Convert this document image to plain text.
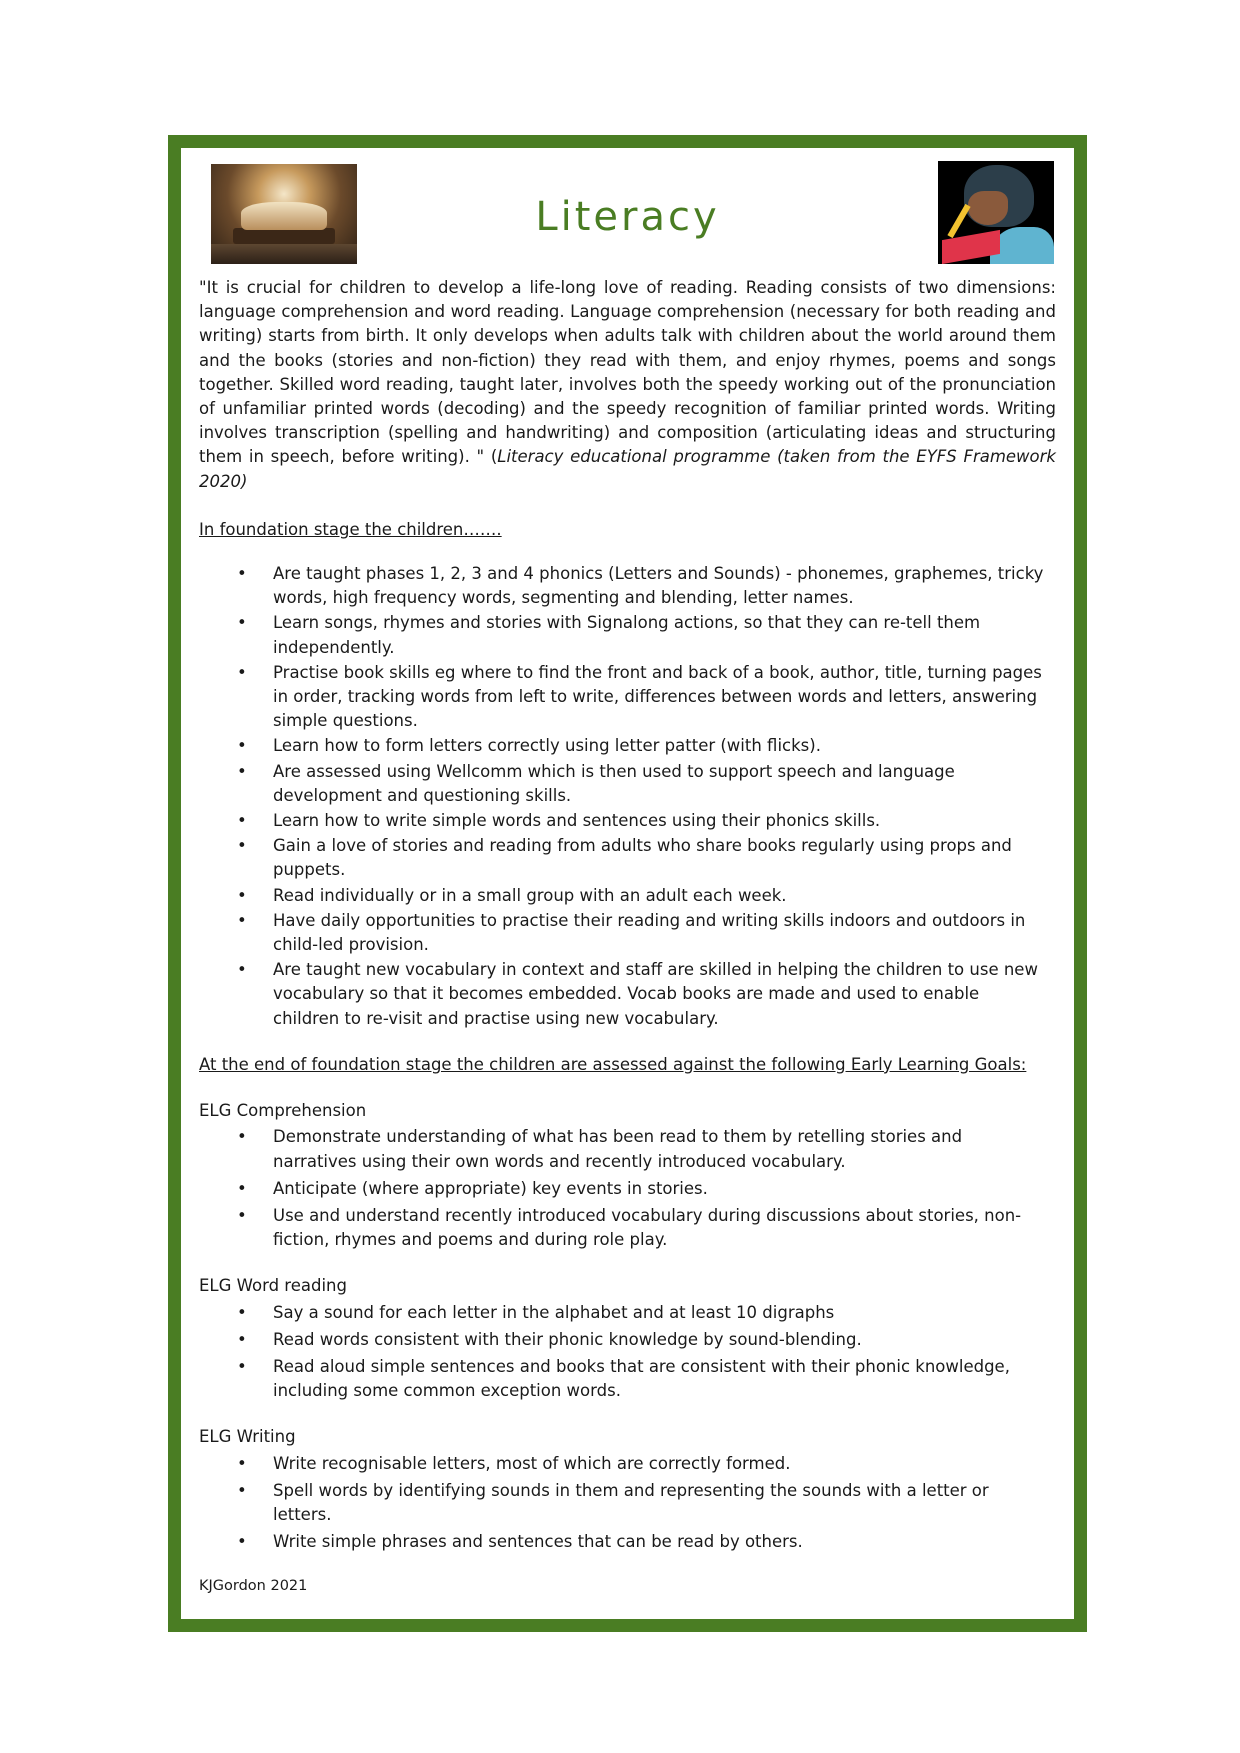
Literacy

"It is crucial for children to develop a life-long love of reading. Reading consists of two dimensions: language comprehension and word reading. Language comprehension (necessary for both reading and writing) starts from birth. It only develops when adults talk with children about the world around them and the books (stories and non-fiction) they read with them, and enjoy rhymes, poems and songs together. Skilled word reading, taught later, involves both the speedy working out of the pronunciation of unfamiliar printed words (decoding) and the speedy recognition of familiar printed words. Writing involves transcription (spelling and handwriting) and composition (articulating ideas and structuring them in speech, before writing). " (Literacy educational programme (taken from the EYFS Framework 2020)

In foundation stage the children…….

• Are taught phases 1, 2, 3 and 4 phonics (Letters and Sounds) - phonemes, graphemes, tricky words, high frequency words, segmenting and blending, letter names.
• Learn songs, rhymes and stories with Signalong actions, so that they can re-tell them independently.
• Practise book skills eg where to find the front and back of a book, author, title, turning pages in order, tracking words from left to write, differences between words and letters, answering simple questions.
• Learn how to form letters correctly using letter patter (with flicks).
• Are assessed using Wellcomm which is then used to support speech and language development and questioning skills.
• Learn how to write simple words and sentences using their phonics skills.
• Gain a love of stories and reading from adults who share books regularly using props and puppets.
• Read individually or in a small group with an adult each week.
• Have daily opportunities to practise their reading and writing skills indoors and outdoors in child-led provision.
• Are taught new vocabulary in context and staff are skilled in helping the children to use new vocabulary so that it becomes embedded. Vocab books are made and used to enable children to re-visit and practise using new vocabulary.

At the end of foundation stage the children are assessed against the following Early Learning Goals:

ELG Comprehension

• Demonstrate understanding of what has been read to them by retelling stories and narratives using their own words and recently introduced vocabulary.
• Anticipate (where appropriate) key events in stories.
• Use and understand recently introduced vocabulary during discussions about stories, non-fiction, rhymes and poems and during role play.

ELG Word reading

• Say a sound for each letter in the alphabet and at least 10 digraphs
• Read words consistent with their phonic knowledge by sound-blending.
• Read aloud simple sentences and books that are consistent with their phonic knowledge, including some common exception words.

ELG Writing

• Write recognisable letters, most of which are correctly formed.
• Spell words by identifying sounds in them and representing the sounds with a letter or letters.
• Write simple phrases and sentences that can be read by others.

KJGordon 2021
